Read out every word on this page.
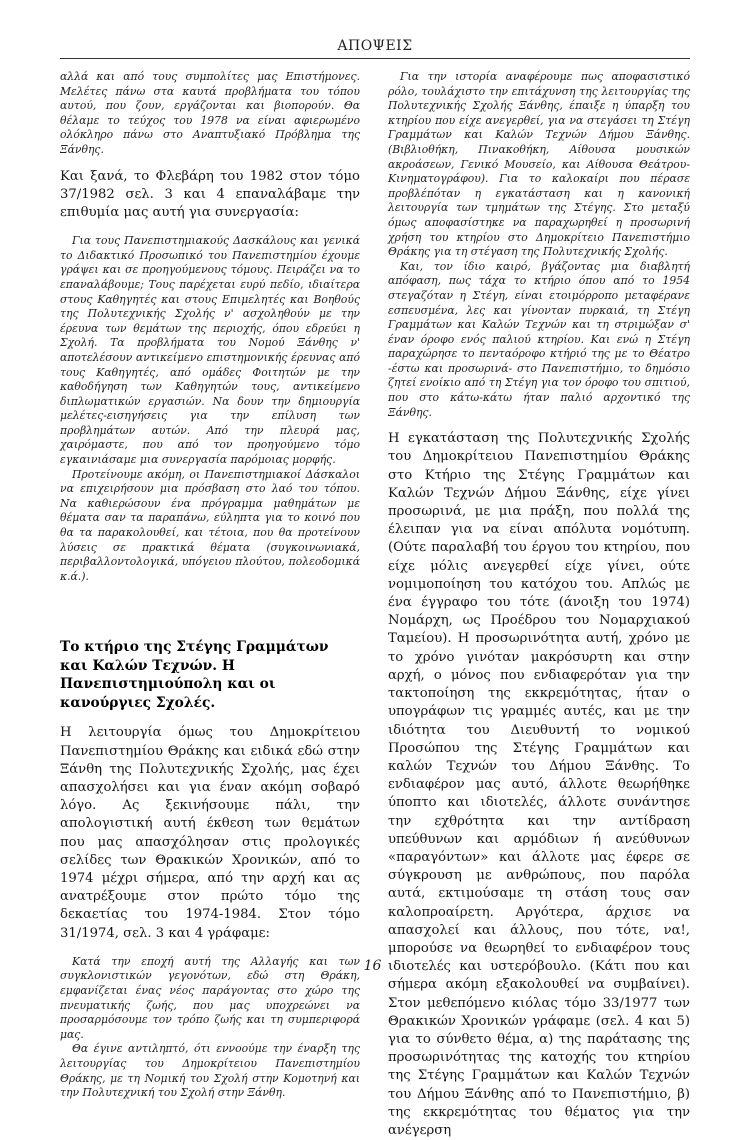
ΑΠΟΨΕΙΣ

αλλά και από τους συμπολίτες μας Επιστήμονες. Μελέτες πάνω στα καυτά προβλήματα του τόπου αυτού, που ζουν, εργάζονται και βιοπορούν. Θα θέλαμε το τεύχος του 1978 να είναι αφιερωμένο ολόκληρο πάνω στο Αναπτυξιακό Πρόβλημα της Ξάνθης.

Και ξανά, το Φλεβάρη του 1982 στον τόμο 37/1982 σελ. 3 και 4 επαναλάβαμε την επιθυμία μας αυτή για συνεργασία:

Για τους Πανεπιστημιακούς Δασκάλους και γενικά το Διδακτικό Προσωπικό του Πανεπιστημίου έχουμε γράψει και σε προηγούμενους τόμους. Πειράζει να το επαναλάβουμε; Τους παρέχεται ευρύ πεδίο, ιδιαίτερα στους Καθηγητές και στους Επιμελητές και Βοηθούς της Πολυτεχνικής Σχολής ν' ασχοληθούν με την έρευνα των θεμάτων της περιοχής, όπου εδρεύει η Σχολή. Τα προβλήματα του Νομού Ξάνθης ν' αποτελέσουν αντικείμενο επιστημονικής έρευνας από τους Καθηγητές, από ομάδες Φοιτητών με την καθοδήγηση των Καθηγητών τους, αντικείμενο διπλωματικών εργασιών. Να δουν την δημιουργία μελέτες-εισηγήσεις για την επίλυση των προβλημάτων αυτών. Από την πλευρά μας, χαιρόμαστε, που από τον προηγούμενο τόμο εγκαινιάσαμε μια συνεργασία παρόμοιας μορφής.
Προτείνουμε ακόμη, οι Πανεπιστημιακοί Δάσκαλοι να επιχειρήσουν μια πρόσβαση στο λαό του τόπου. Να καθιερώσουν ένα πρόγραμμα μαθημάτων με θέματα σαν τα παραπάνω, εύληπτα για το κοινό που θα τα παρακολουθεί, και τέτοια, που θα προτείνουν λύσεις σε πρακτικά θέματα (συγκοινωνιακά, περιβαλλοντολογικά, υπόγειου πλούτου, πολεοδομικά κ.ά.).

Το κτήριο της Στέγης Γραμμάτων και Καλών Τεχνών. Η Πανεπιστημιούπολη και οι κανούργιες Σχολές.

Η λειτουργία όμως του Δημοκρίτειου Πανεπιστημίου Θράκης και ειδικά εδώ στην Ξάνθη της Πολυτεχνικής Σχολής, μας έχει απασχολήσει και για έναν ακόμη σοβαρό λόγο. Ας ξεκινήσουμε πάλι, την απολογιστική αυτή έκθεση των θεμάτων που μας απασχόλησαν στις προλογικές σελίδες των Θρακικών Χρονικών, από το 1974 μέχρι σήμερα, από την αρχή και ας ανατρέξουμε στον πρώτο τόμο της δεκαετίας του 1974-1984. Στον τόμο 31/1974, σελ. 3 και 4 γράφαμε:

Κατά την εποχή αυτή της Αλλαγής και των συγκλονιστικών γεγονότων, εδώ στη Θράκη, εμφανίζεται ένας νέος παράγοντας στο χώρο της πνευματικής ζωής, που μας υποχρεώνει να προσαρμόσουμε τον τρόπο ζωής και τη συμπεριφορά μας.
Θα έγινε αντιληπτό, ότι εννοούμε την έναρξη της λειτουργίας του Δημοκρίτειου Πανεπιστημίου Θράκης, με τη Νομική του Σχολή στην Κομοτηνή και την Πολυτεχνική του Σχολή στην Ξάνθη.
Για την ιστορία αναφέρουμε πως αποφασιστικό ρόλο, τουλάχιστο την επιτάχυνση της λειτουργίας της Πολυτεχνικής Σχολής Ξάνθης, έπαιξε η ύπαρξη του κτηρίου που είχε ανεγερθεί, για να στεγάσει τη Στέγη Γραμμάτων και Καλών Τεχνών Δήμου Ξάνθης. (Βιβλιοθήκη, Πινακοθήκη, Αίθουσα μουσικών ακροάσεων, Γενικό Μουσείο, και Αίθουσα Θεάτρου-Κινηματογράφου). Για το καλοκαίρι που πέρασε προβλέπόταν η εγκατάσταση και η κανονική λειτουργία των τμημάτων της Στέγης. Στο μεταξύ όμως αποφασίστηκε να παραχωρηθεί η προσωρινή χρήση του κτηρίου στο Δημοκρίτειο Πανεπιστήμιο Θράκης για τη στέγαση της Πολυτεχνικής Σχολής.
Και, τον ίδιο καιρό, βγάζοντας μια διαβλητή απόφαση, πως τάχα το κτήριο όπου από το 1954 στεγαζόταν η Στέγη, είναι ετοιμόρροπο μεταφέρανε εσπευσμένα, λες και γίνονταν πυρκαιά, τη Στέγη Γραμμάτων και Καλών Τεχνών και τη στριμώξαν σ' έναν όροφο ενός παλιού κτηρίου. Και ενώ η Στέγη παραχώρησε το πενταόροφο κτήριό της με το Θέατρο -έστω και προσωρινά- στο Πανεπιστήμιο, το δημόσιο ζητεί ενοίκιο από τη Στέγη για τον όροφο του σπιτιού, που στο κάτω-κάτω ήταν παλιό αρχοντικό της Ξάνθης.

Η εγκατάσταση της Πολυτεχνικής Σχολής του Δημοκρίτειου Πανεπιστημίου Θράκης στο Κτήριο της Στέγης Γραμμάτων και Καλών Τεχνών Δήμου Ξάνθης, είχε γίνει προσωρινά, με μια πράξη, που πολλά της έλειπαν για να είναι απόλυτα νομότυπη. (Ούτε παραλαβή του έργου του κτηρίου, που είχε μόλις ανεγερθεί είχε γίνει, ούτε νομιμοποίηση του κατόχου του. Απλώς με ένα έγγραφο του τότε (άνοιξη του 1974) Νομάρχη, ως Προέδρου του Νομαρχιακού Ταμείου). Η προσωρινότητα αυτή, χρόνο με το χρόνο γινόταν μακρόσυρτη και στην αρχή, ο μόνος που ενδιαφερόταν για την τακτοποίηση της εκκρεμότητας, ήταν ο υπογράφων τις γραμμές αυτές, και με την ιδιότητα του Διευθυντή το νομικού Προσώπου της Στέγης Γραμμάτων και καλών Τεχνών του Δήμου Ξάνθης. Το ενδιαφέρον μας αυτό, άλλοτε θεωρήθηκε ύποπτο και ιδιοτελές, άλλοτε συνάντησε την εχθρότητα και την αντίδραση υπεύθυνων και αρμόδιων ή ανεύθυνων «παραγόντων» και άλλοτε μας έφερε σε σύγκρουση με ανθρώπους, που παρόλα αυτά, εκτιμούσαμε τη στάση τους σαν καλοπροαίρετη. Αργότερα, άρχισε να απασχολεί και άλλους, που τότε, να!, μπορούσε να θεωρηθεί το ενδιαφέρον τους ιδιοτελές και υστερόβουλο. (Κάτι που και σήμερα ακόμη εξακολουθεί να συμβαίνει). Στον μεθεπόμενο κιόλας τόμο 33/1977 των Θρακικών Χρονικών γράφαμε (σελ. 4 και 5) για το σύνθετο θέμα, α) της παράτασης της προσωρινότητας της κατοχής του κτηρίου της Στέγης Γραμμάτων και Καλών Τεχνών του Δήμου Ξάνθης από το Πανεπιστήμιο, β) της εκκρεμότητας του θέματος για την ανέγερση

16
